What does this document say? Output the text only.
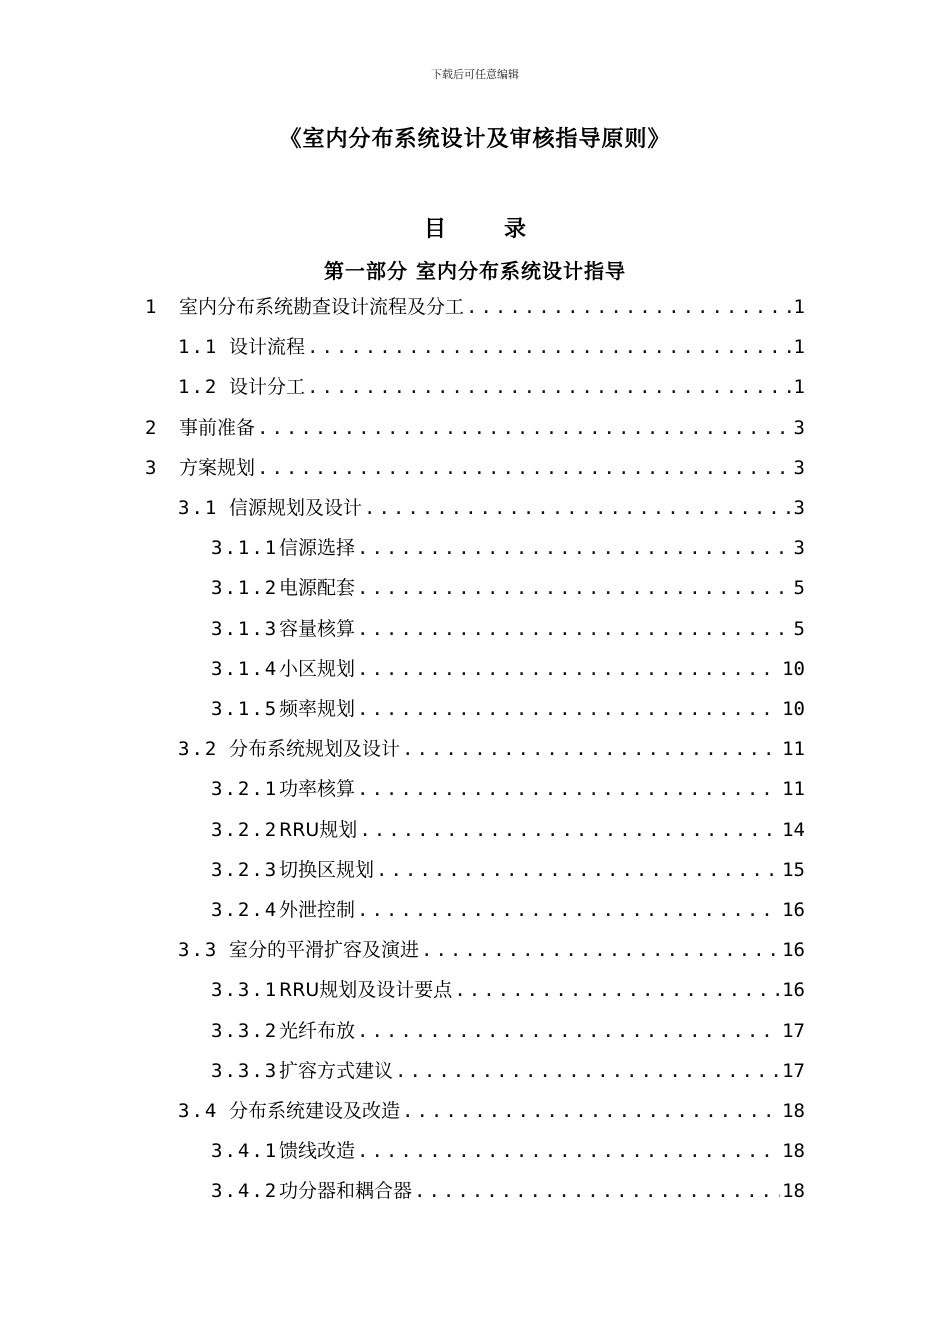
下载后可任意编辑
《室内分布系统设计及审核指导原则》
目录
第一部分 室内分布系统设计指导
1	室内分布系统勘查设计流程及分工 .....	1
1.1 设计流程 .....	1
1.2 设计分工 .....	1
2	事前准备 .....	3
3	方案规划 .....	3
3.1 信源规划及设计 .....	3
3.1.1 信源选择 .....	3
3.1.2 电源配套 .....	5
3.1.3 容量核算 .....	5
3.1.4 小区规划 .....	10
3.1.5 频率规划 .....	10
3.2 分布系统规划及设计 .....	11
3.2.1 功率核算 .....	11
3.2.2 RRU规划 .....	14
3.2.3 切换区规划 .....	15
3.2.4 外泄控制 .....	16
3.3 室分的平滑扩容及演进 .....	16
3.3.1 RRU规划及设计要点 .....	16
3.3.2 光纤布放 .....	17
3.3.3 扩容方式建议 .....	17
3.4 分布系统建设及改造 .....	18
3.4.1 馈线改造 .....	18
3.4.2 功分器和耦合器 .....	18
